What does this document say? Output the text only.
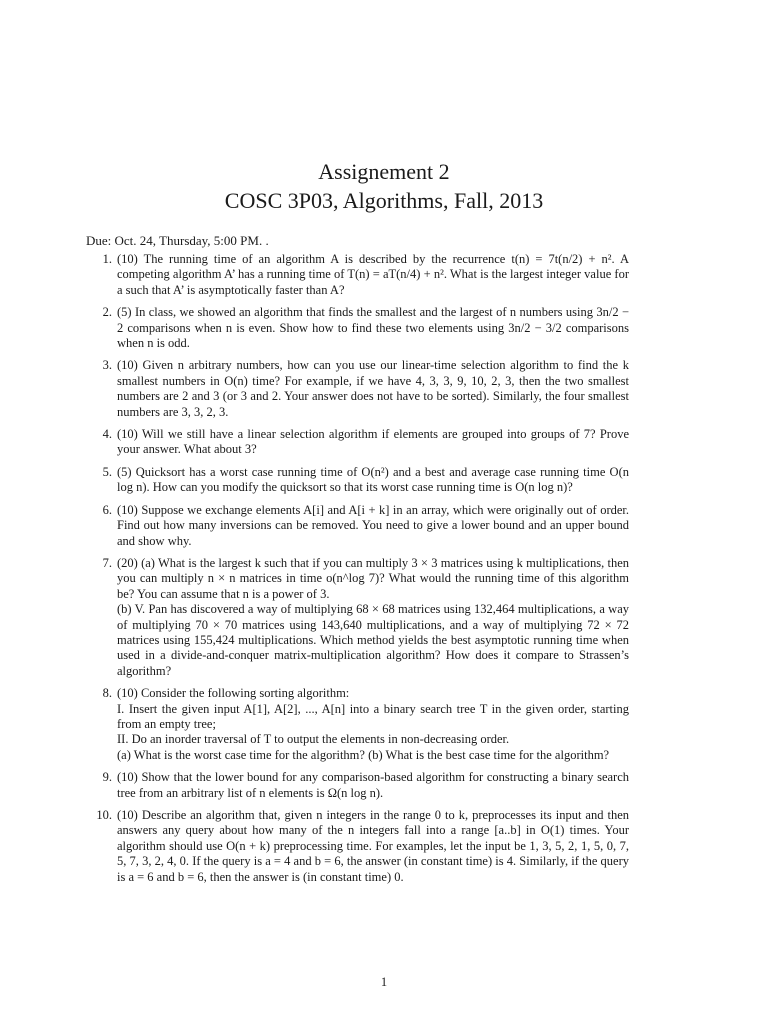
Assignement 2
COSC 3P03, Algorithms, Fall, 2013
Due: Oct. 24, Thursday, 5:00 PM. .
1. (10) The running time of an algorithm A is described by the recurrence t(n) = 7t(n/2) + n². A competing algorithm A’ has a running time of T(n) = aT(n/4) + n². What is the largest integer value for a such that A’ is asymptotically faster than A?

2. (5) In class, we showed an algorithm that finds the smallest and the largest of n numbers using 3n/2 − 2 comparisons when n is even. Show how to find these two elements using 3n/2 − 3/2 comparisons when n is odd.

3. (10) Given n arbitrary numbers, how can you use our linear-time selection algorithm to find the k smallest numbers in O(n) time? For example, if we have 4, 3, 3, 9, 10, 2, 3, then the two smallest numbers are 2 and 3 (or 3 and 2. Your answer does not have to be sorted). Similarly, the four smallest numbers are 3, 3, 2, 3.

4. (10) Will we still have a linear selection algorithm if elements are grouped into groups of 7? Prove your answer. What about 3?

5. (5) Quicksort has a worst case running time of O(n²) and a best and average case running time O(n log n). How can you modify the quicksort so that its worst case running time is O(n log n)?

6. (10) Suppose we exchange elements A[i] and A[i + k] in an array, which were originally out of order. Find out how many inversions can be removed. You need to give a lower bound and an upper bound and show why.

7. (20) (a) What is the largest k such that if you can multiply 3 × 3 matrices using k multiplications, then you can multiply n × n matrices in time o(n^log 7)? What would the running time of this algorithm be? You can assume that n is a power of 3.

(b) V. Pan has discovered a way of multiplying 68 × 68 matrices using 132,464 multiplications, a way of multiplying 70 × 70 matrices using 143,640 multiplications, and a way of multiplying 72 × 72 matrices using 155,424 multiplications. Which method yields the best asymptotic running time when used in a divide-and-conquer matrix-multiplication algorithm? How does it compare to Strassen’s algorithm?

8. (10) Consider the following sorting algorithm:

I. Insert the given input A[1], A[2], ..., A[n] into a binary search tree T in the given order, starting from an empty tree;

II. Do an inorder traversal of T to output the elements in non-decreasing order.

(a) What is the worst case time for the algorithm? (b) What is the best case time for the algorithm?

9. (10) Show that the lower bound for any comparison-based algorithm for constructing a binary search tree from an arbitrary list of n elements is Ω(n log n).

10. (10) Describe an algorithm that, given n integers in the range 0 to k, preprocesses its input and then answers any query about how many of the n integers fall into a range [a..b] in O(1) times. Your algorithm should use O(n + k) preprocessing time. For examples, let the input be 1, 3, 5, 2, 1, 5, 0, 7, 5, 7, 3, 2, 4, 0. If the query is a = 4 and b = 6, the answer (in constant time) is 4. Similarly, if the query is a = 6 and b = 6, then the answer is (in constant time) 0.

1
